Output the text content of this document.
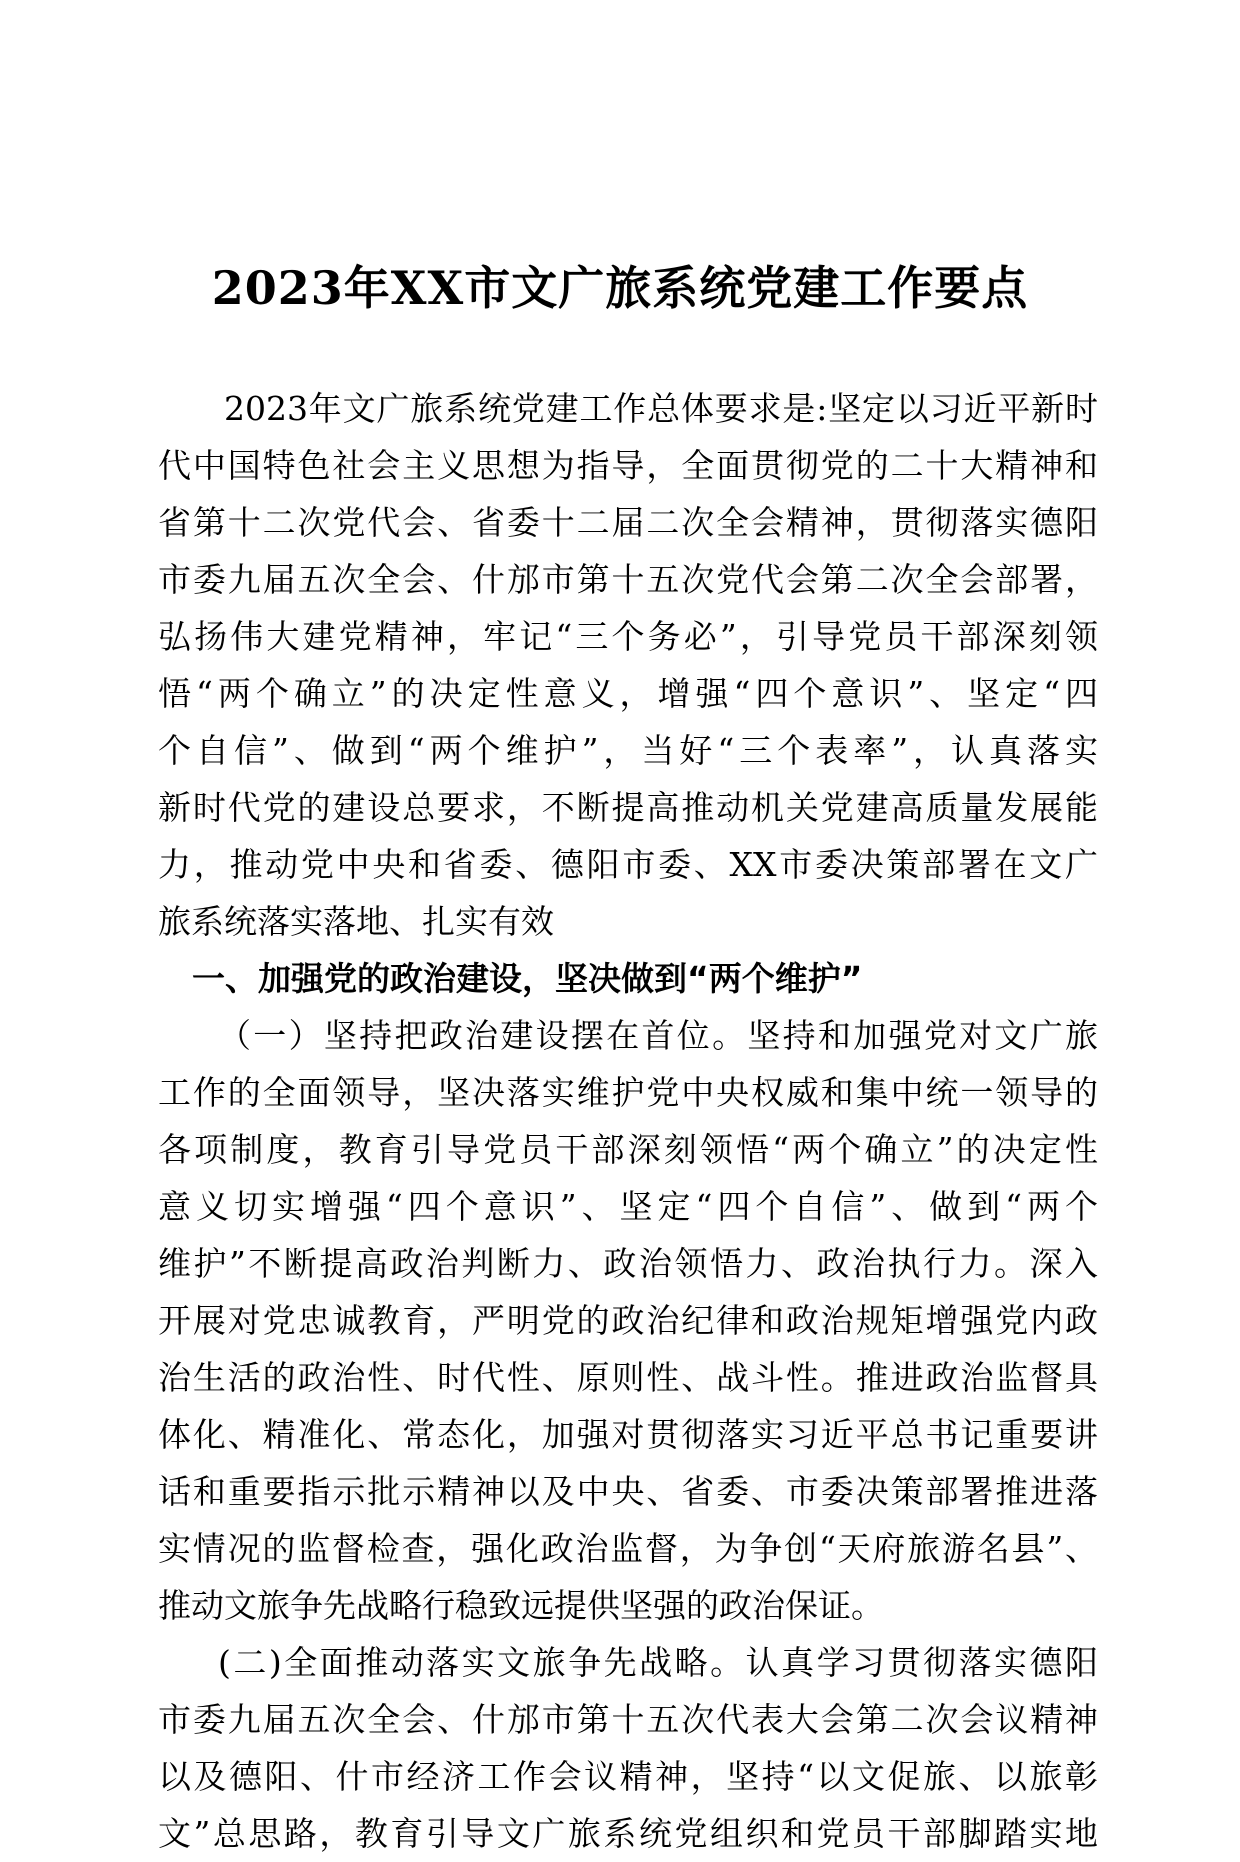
2023年XX市文广旅系统党建工作要点
2023年文广旅系统党建工作总体要求是:坚定以习近平新时
代中国特色社会主义思想为指导，全面贯彻党的二十大精神和
省第十二次党代会、省委十二届二次全会精神，贯彻落实德阳
市委九届五次全会、什邡市第十五次党代会第二次全会部署，
弘扬伟大建党精神，牢记“三个务必”，引导党员干部深刻领
悟“两个确立”的决定性意义，增强“四个意识”、坚定“四
个自信”、做到“两个维护”，当好“三个表率”，认真落实
新时代党的建设总要求，不断提高推动机关党建高质量发展能
力，推动党中央和省委、德阳市委、XX市委决策部署在文广
旅系统落实落地、扎实有效
一、加强党的政治建设，坚决做到“两个维护”
（一）坚持把政治建设摆在首位。坚持和加强党对文广旅
工作的全面领导，坚决落实维护党中央权威和集中统一领导的
各项制度，教育引导党员干部深刻领悟“两个确立”的决定性
意义切实增强“四个意识”、坚定“四个自信”、做到“两个
维护”不断提高政治判断力、政治领悟力、政治执行力。深入
开展对党忠诚教育，严明党的政治纪律和政治规矩增强党内政
治生活的政治性、时代性、原则性、战斗性。推进政治监督具
体化、精准化、常态化，加强对贯彻落实习近平总书记重要讲
话和重要指示批示精神以及中央、省委、市委决策部署推进落
实情况的监督检查，强化政治监督，为争创“天府旅游名县”、
推动文旅争先战略行稳致远提供坚强的政治保证。
(二)全面推动落实文旅争先战略。认真学习贯彻落实德阳
市委九届五次全会、什邡市第十五次代表大会第二次会议精神
以及德阳、什市经济工作会议精神，坚持“以文促旅、以旅彰
文”总思路，教育引导文广旅系统党组织和党员干部脚踏实地
